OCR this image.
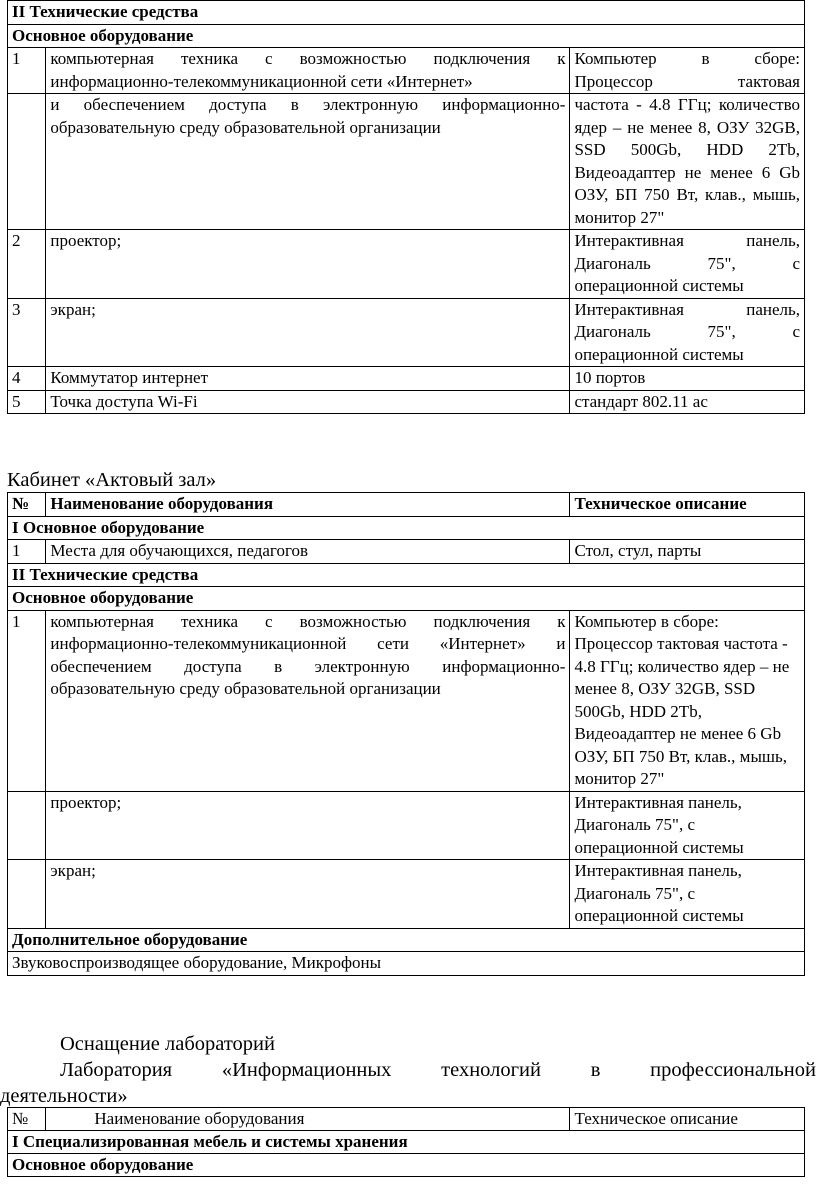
II Технические средства		
Основное оборудование		
1	компьютерная техника с возможностью подключения к информационно-телекоммуникационной сети «Интернет»	Компьютер в сборе: Процессор тактовая
	и обеспечением доступа в электронную информационно-образовательную среду образовательной организации	частота - 4.8 ГГц; количество ядер – не менее 8, ОЗУ 32GB, SSD 500Gb, HDD 2Tb, Видеоадаптер не менее 6 Gb ОЗУ, БП 750 Вт, клав., мышь, монитор 27"
2	проектор;	Интерактивная панель, Диагональ 75", с операционной системы
3	экран;	Интерактивная панель, Диагональ 75", с операционной системы
4	Коммутатор интернет	10 портов
5	Точка доступа Wi-Fi	стандарт 802.11 ac
Кабинет «Актовый зал»

№	Наименование оборудования	Техническое описание
I Основное оборудование		
1	Места для обучающихся, педагогов	Стол, стул, парты
II Технические средства		
Основное оборудование		
1	компьютерная техника с возможностью подключения к информационно-телекоммуникационной сети «Интернет» и обеспечением доступа в электронную информационно-образовательную среду образовательной организации	Компьютер в сборе: Процессор тактовая частота - 4.8 ГГц; количество ядер – не менее 8, ОЗУ 32GB, SSD 500Gb, HDD 2Tb, Видеоадаптер не менее 6 Gb ОЗУ, БП 750 Вт, клав., мышь, монитор 27"
	проектор;	Интерактивная панель, Диагональ 75", с операционной системы
	экран;	Интерактивная панель, Диагональ 75", с операционной системы
Дополнительное оборудование		
Звуковоспроизводящее оборудование, Микрофоны		
Оснащение лабораторий
Лаборатория «Информационных технологий в профессиональной
деятельности»

№	Наименование оборудования	Техническое описание
I Специализированная мебель и системы хранения		
Основное оборудование		
